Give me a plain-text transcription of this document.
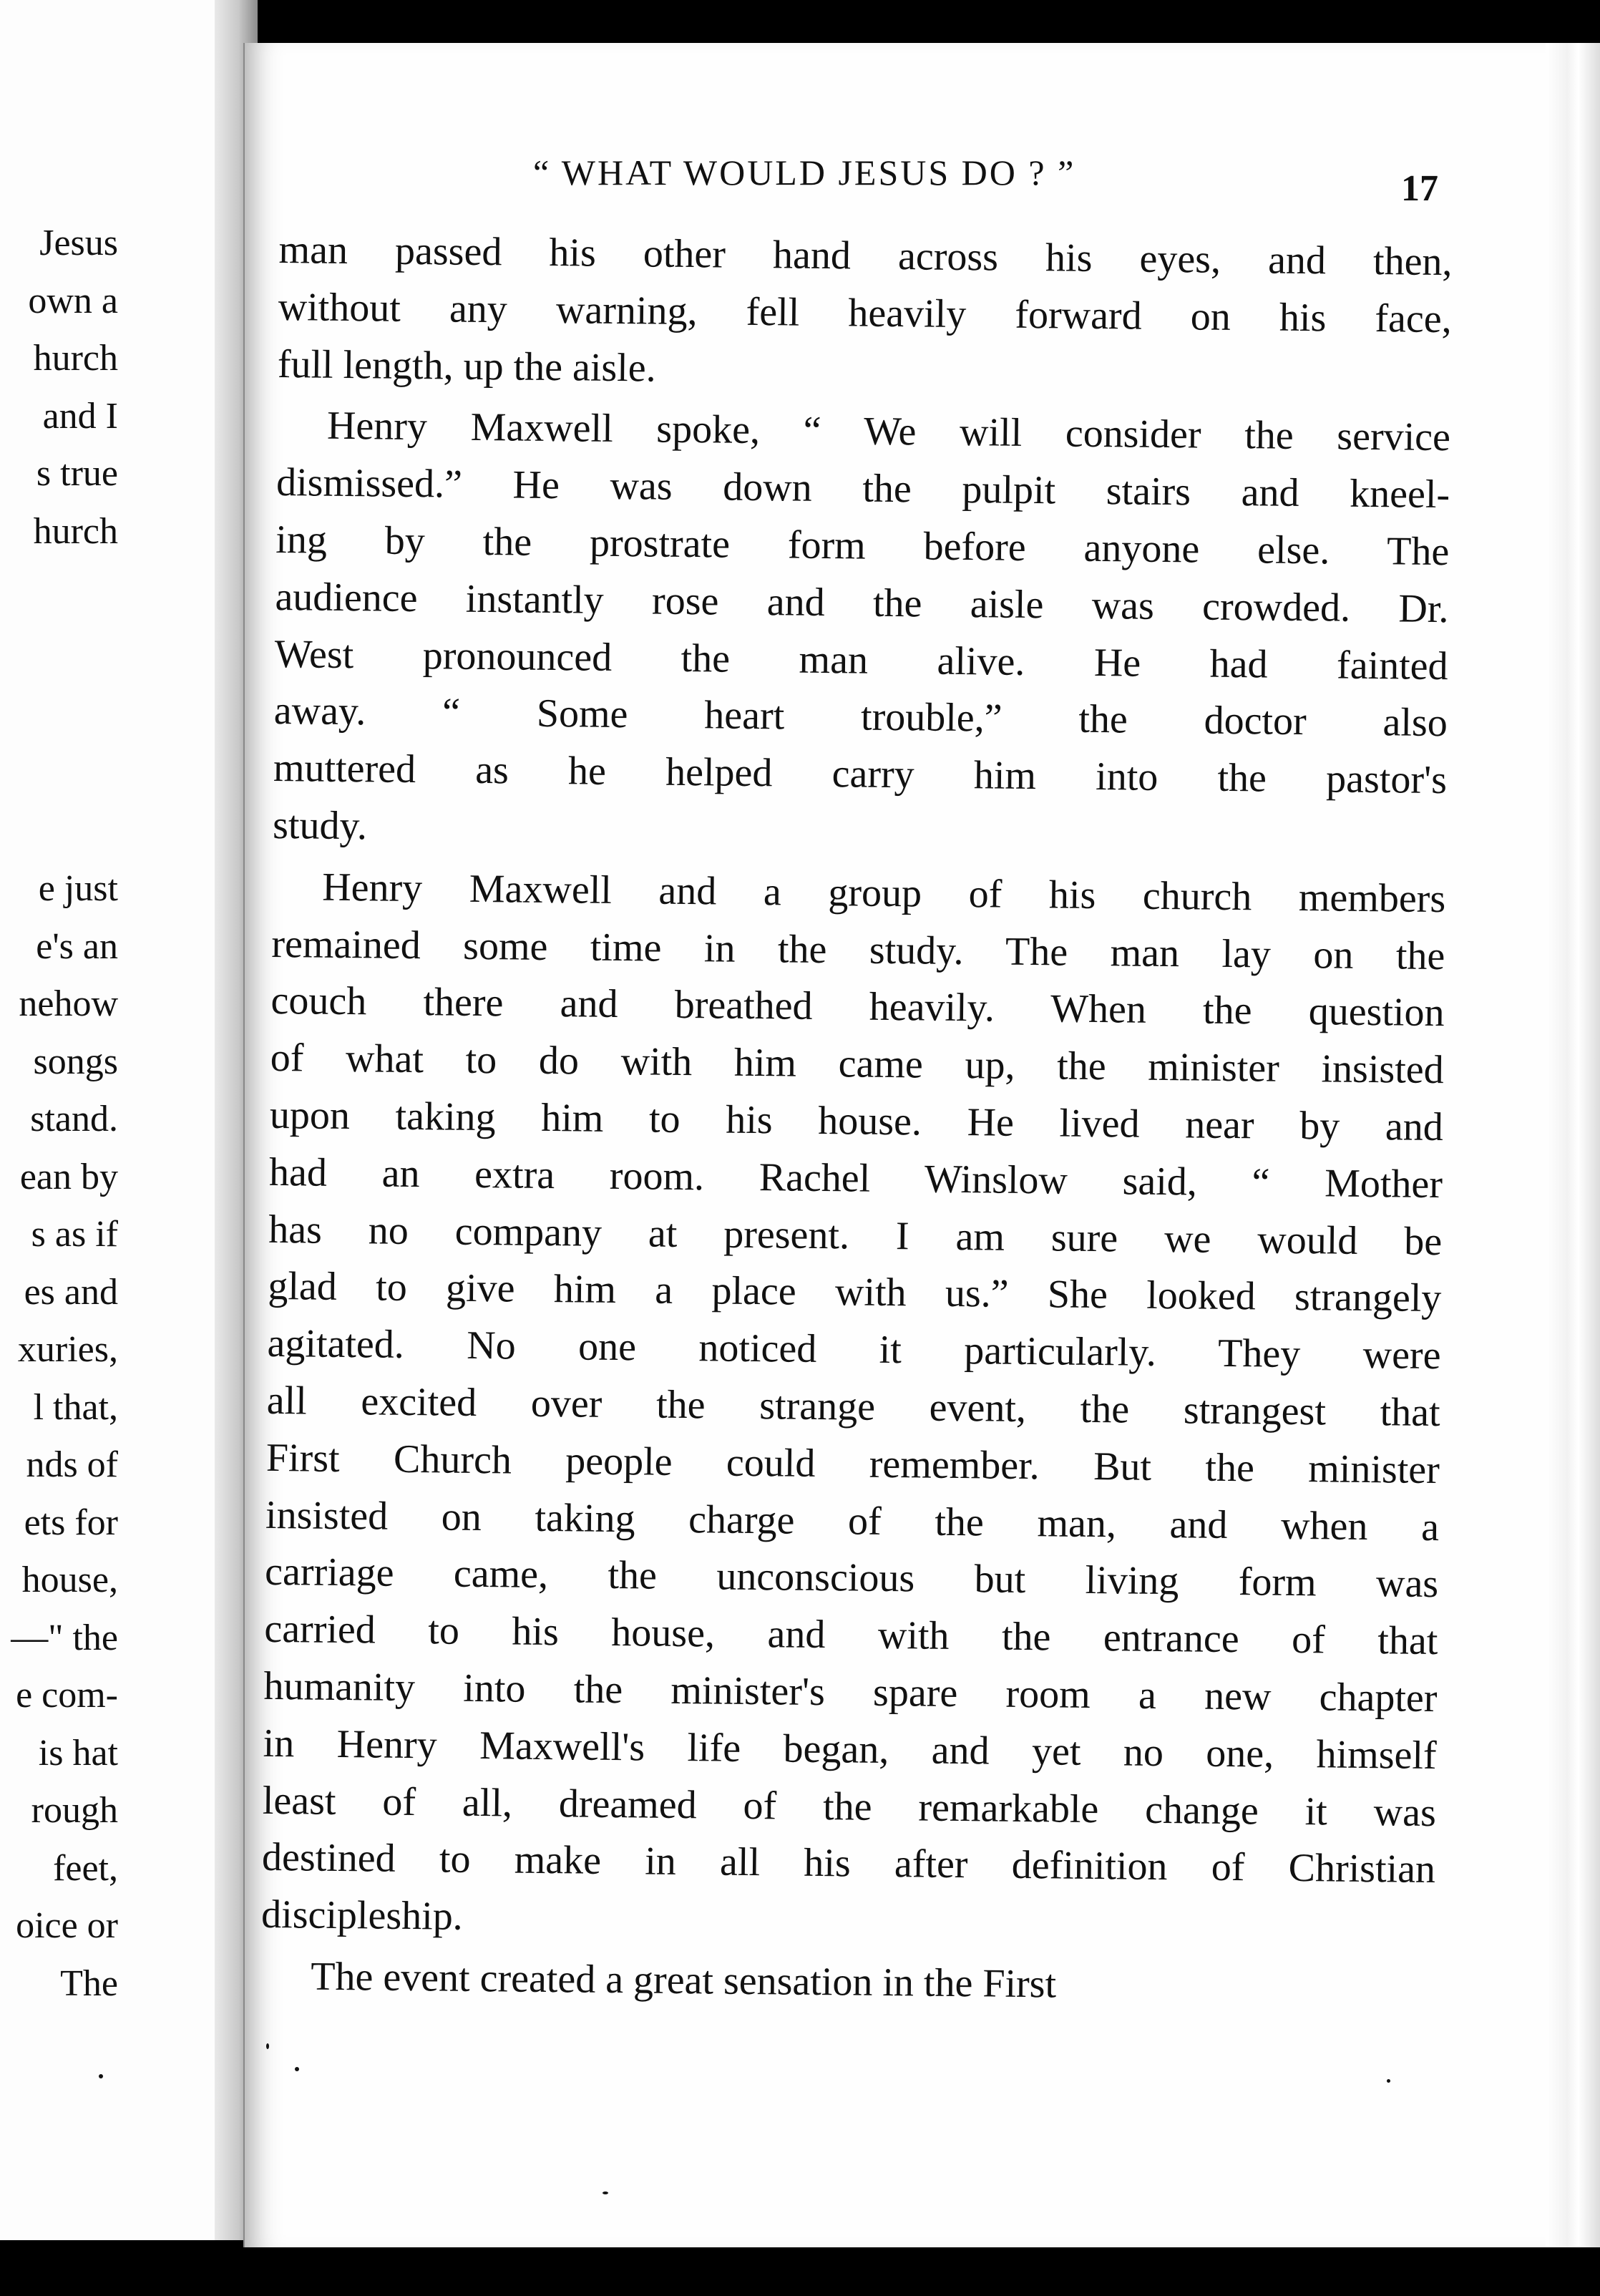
Jesus
own a
hurch
and I
s true
hurch
e just
e's an
nehow
songs
stand.
ean by
s as if
es and
xuries,
l that,
nds of
ets for
house,
—" the
e com-
is hat
rough
feet,
oice or
The
“ WHAT WOULD JESUS DO ? ”	17
man passed his other hand across his eyes, and then,
without any warning, fell heavily forward on his face,
full length, up the aisle.
Henry Maxwell spoke, “ We will consider the service
dismissed.” He was down the pulpit stairs and kneel-
ing by the prostrate form before anyone else. The
audience instantly rose and the aisle was crowded. Dr.
West pronounced the man alive. He had fainted
away. “ Some heart trouble,” the doctor also
muttered as he helped carry him into the pastor's
study.
Henry Maxwell and a group of his church members
remained some time in the study. The man lay on the
couch there and breathed heavily. When the question
of what to do with him came up, the minister insisted
upon taking him to his house. He lived near by and
had an extra room. Rachel Winslow said, “ Mother
has no company at present. I am sure we would be
glad to give him a place with us.” She looked strangely
agitated. No one noticed it particularly. They were
all excited over the strange event, the strangest that
First Church people could remember. But the minister
insisted on taking charge of the man, and when a
carriage came, the unconscious but living form was
carried to his house, and with the entrance of that
humanity into the minister's spare room a new chapter
in Henry Maxwell's life began, and yet no one, himself
least of all, dreamed of the remarkable change it was
destined to make in all his after definition of Christian
discipleship.
The event created a great sensation in the First
